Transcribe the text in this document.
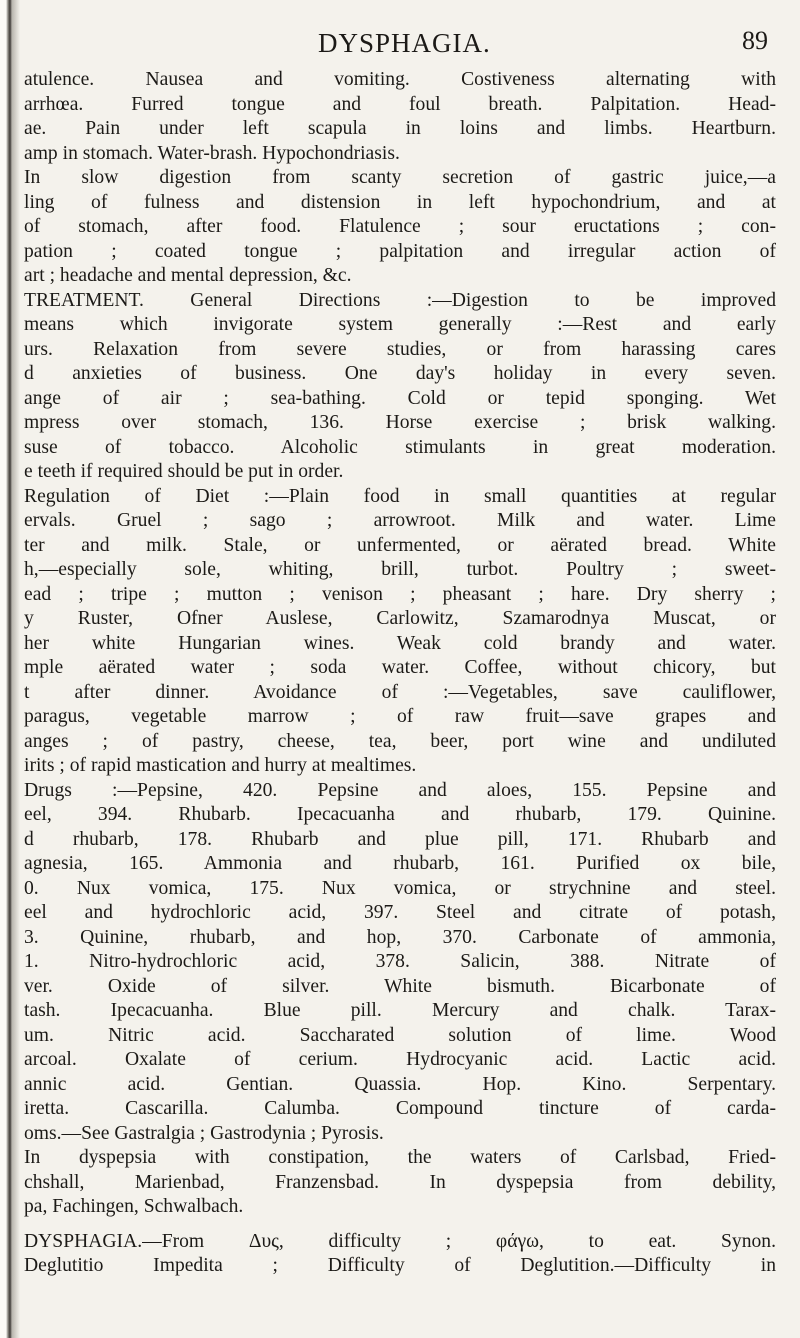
DYSPHAGIA.	89
atulence. Nausea and vomiting. Costiveness alternating with
arrhœa. Furred tongue and foul breath. Palpitation. Head-
ae. Pain under left scapula in loins and limbs. Heartburn.
amp in stomach. Water-brash. Hypochondriasis.
In slow digestion from scanty secretion of gastric juice,—a
ling of fulness and distension in left hypochondrium, and at
of stomach, after food. Flatulence ; sour eructations ; con-
pation ; coated tongue ; palpitation and irregular action of
art ; headache and mental depression, &c.
TREATMENT. General Directions :—Digestion to be improved
means which invigorate system generally :—Rest and early
urs. Relaxation from severe studies, or from harassing cares
d anxieties of business. One day's holiday in every seven.
ange of air ; sea-bathing. Cold or tepid sponging. Wet
mpress over stomach, 136. Horse exercise ; brisk walking.
suse of tobacco. Alcoholic stimulants in great moderation.
e teeth if required should be put in order.
Regulation of Diet :—Plain food in small quantities at regular
ervals. Gruel ; sago ; arrowroot. Milk and water. Lime
ter and milk. Stale, or unfermented, or aërated bread. White
h,—especially sole, whiting, brill, turbot. Poultry ; sweet-
ead ; tripe ; mutton ; venison ; pheasant ; hare. Dry sherry ;
y Ruster, Ofner Auslese, Carlowitz, Szamarodnya Muscat, or
her white Hungarian wines. Weak cold brandy and water.
mple aërated water ; soda water. Coffee, without chicory, but
t after dinner. Avoidance of :—Vegetables, save cauliflower,
paragus, vegetable marrow ; of raw fruit—save grapes and
anges ; of pastry, cheese, tea, beer, port wine and undiluted
irits ; of rapid mastication and hurry at mealtimes.
Drugs :—Pepsine, 420. Pepsine and aloes, 155. Pepsine and
eel, 394. Rhubarb. Ipecacuanha and rhubarb, 179. Quinine.
d rhubarb, 178. Rhubarb and plue pill, 171. Rhubarb and
agnesia, 165. Ammonia and rhubarb, 161. Purified ox bile,
0. Nux vomica, 175. Nux vomica, or strychnine and steel.
eel and hydrochloric acid, 397. Steel and citrate of potash,
3. Quinine, rhubarb, and hop, 370. Carbonate of ammonia,
1. Nitro-hydrochloric acid, 378. Salicin, 388. Nitrate of
ver. Oxide of silver. White bismuth. Bicarbonate of
tash. Ipecacuanha. Blue pill. Mercury and chalk. Tarax-
um. Nitric acid. Saccharated solution of lime. Wood
arcoal. Oxalate of cerium. Hydrocyanic acid. Lactic acid.
annic acid. Gentian. Quassia. Hop. Kino. Serpentary.
iretta. Cascarilla. Calumba. Compound tincture of carda-
oms.—See Gastralgia ; Gastrodynia ; Pyrosis.
In dyspepsia with constipation, the waters of Carlsbad, Fried-
chshall, Marienbad, Franzensbad. In dyspepsia from debility,
pa, Fachingen, Schwalbach.
DYSPHAGIA.—From Δυς, difficulty ; φάγω, to eat. Synon.
Deglutitio Impedita ; Difficulty of Deglutition.—Difficulty in
